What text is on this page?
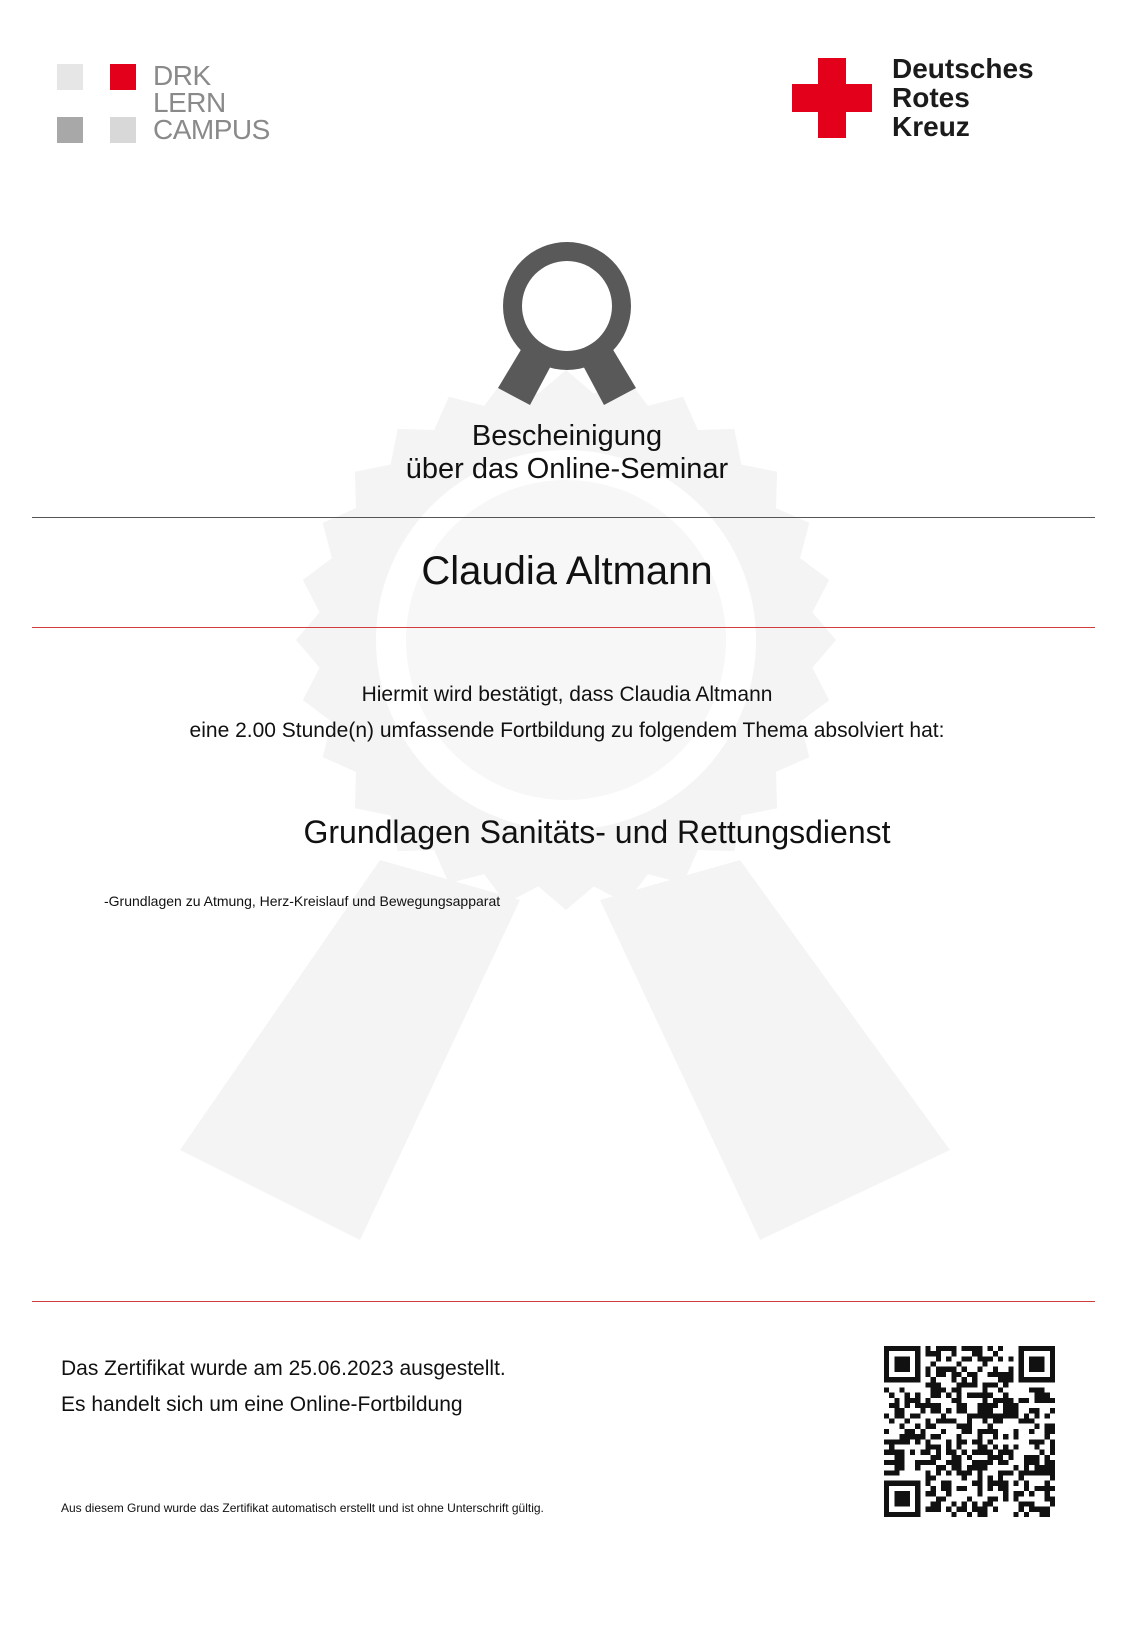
DRK
LERN
CAMPUS
Deutsches
Rotes
Kreuz
Bescheinigung
über das Online-Seminar
Claudia Altmann
Hiermit wird bestätigt, dass Claudia Altmann
eine 2.00 Stunde(n) umfassende Fortbildung zu folgendem Thema absolviert hat:
Grundlagen Sanitäts- und Rettungsdienst
-Grundlagen zu Atmung, Herz-Kreislauf und Bewegungsapparat
Das Zertifikat wurde am 25.06.2023 ausgestellt.
Es handelt sich um eine Online-Fortbildung
Aus diesem Grund wurde das Zertifikat automatisch erstellt und ist ohne Unterschrift gültig.
